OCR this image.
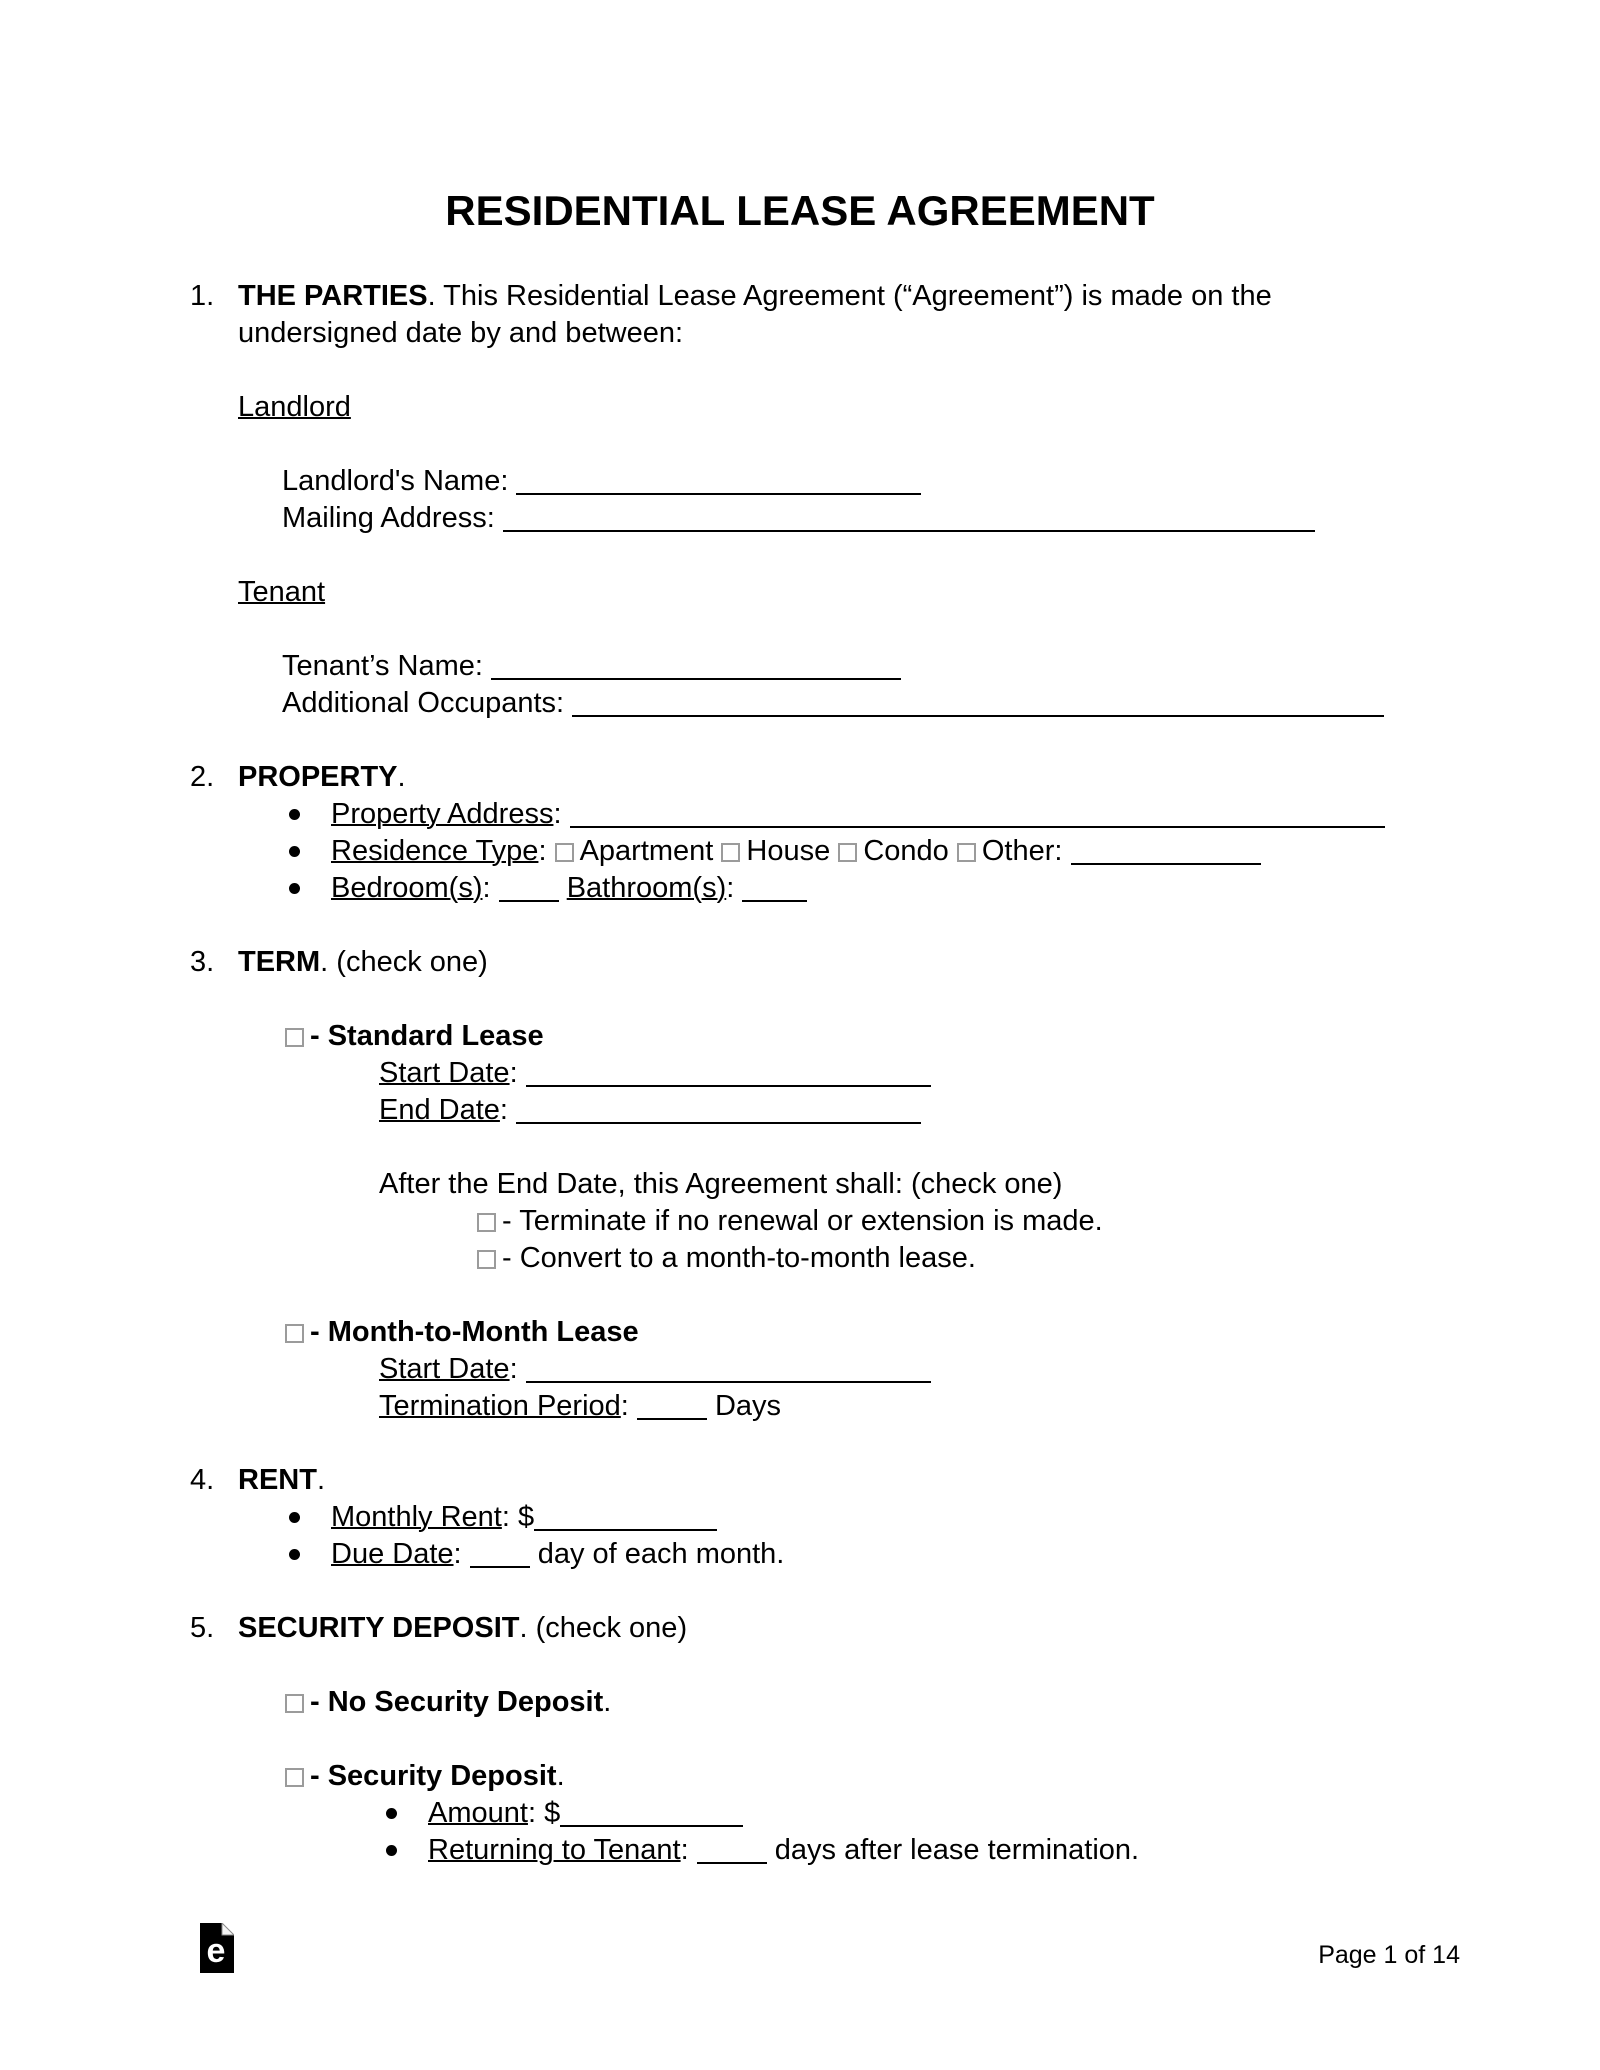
RESIDENTIAL LEASE AGREEMENT
1. THE PARTIES. This Residential Lease Agreement (“Agreement”) is made on the undersigned date by and between:
Landlord
Landlord's Name:
Mailing Address:
Tenant
Tenant’s Name:
Additional Occupants:
2. PROPERTY.
Property Address:
Residence Type: Apartment House Condo Other:
Bedroom(s):	Bathroom(s):
3. TERM. (check one)
- Standard Lease
Start Date:
End Date:
After the End Date, this Agreement shall: (check one)
- Terminate if no renewal or extension is made.
- Convert to a month-to-month lease.
- Month-to-Month Lease
Start Date:
Termination Period:	Days
4. RENT.
Monthly Rent: $
Due Date:	day of each month.
5. SECURITY DEPOSIT. (check one)
- No Security Deposit.
- Security Deposit.
Amount: $
Returning to Tenant:	days after lease termination.
e	Page 1 of 14
